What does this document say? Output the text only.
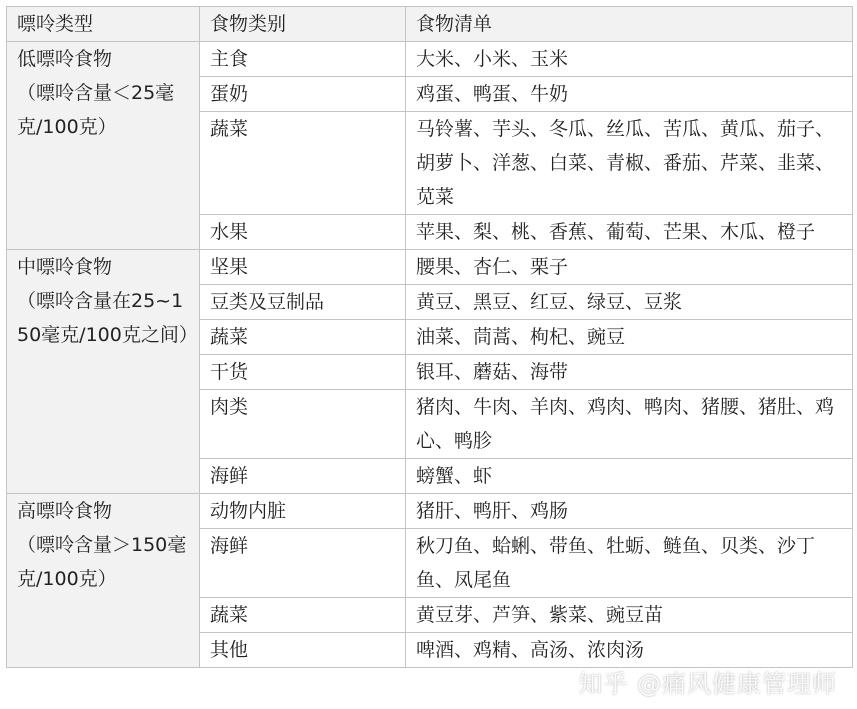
嘌呤类型	食物类别	食物清单

低嘌呤食物
（嘌呤含量＜25毫克/100克）	主食	大米、小米、玉米
	蛋奶	鸡蛋、鸭蛋、牛奶
	蔬菜	马铃薯、芋头、冬瓜、丝瓜、苦瓜、黄瓜、茄子、胡萝卜、洋葱、白菜、青椒、番茄、芹菜、韭菜、苋菜
	水果	苹果、梨、桃、香蕉、葡萄、芒果、木瓜、橙子

中嘌呤食物
（嘌呤含量在25~150毫克/100克之间）	坚果	腰果、杏仁、栗子
	豆类及豆制品	黄豆、黑豆、红豆、绿豆、豆浆
	蔬菜	油菜、茼蒿、枸杞、豌豆
	干货	银耳、蘑菇、海带
	肉类	猪肉、牛肉、羊肉、鸡肉、鸭肉、猪腰、猪肚、鸡心、鸭胗
	海鲜	螃蟹、虾

高嘌呤食物
（嘌呤含量＞150毫克/100克）	动物内脏	猪肝、鸭肝、鸡肠
	海鲜	秋刀鱼、蛤蜊、带鱼、牡蛎、鲢鱼、贝类、沙丁鱼、凤尾鱼
	蔬菜	黄豆芽、芦笋、紫菜、豌豆苗
	其他	啤酒、鸡精、高汤、浓肉汤
知乎 @痛风健康管理师
